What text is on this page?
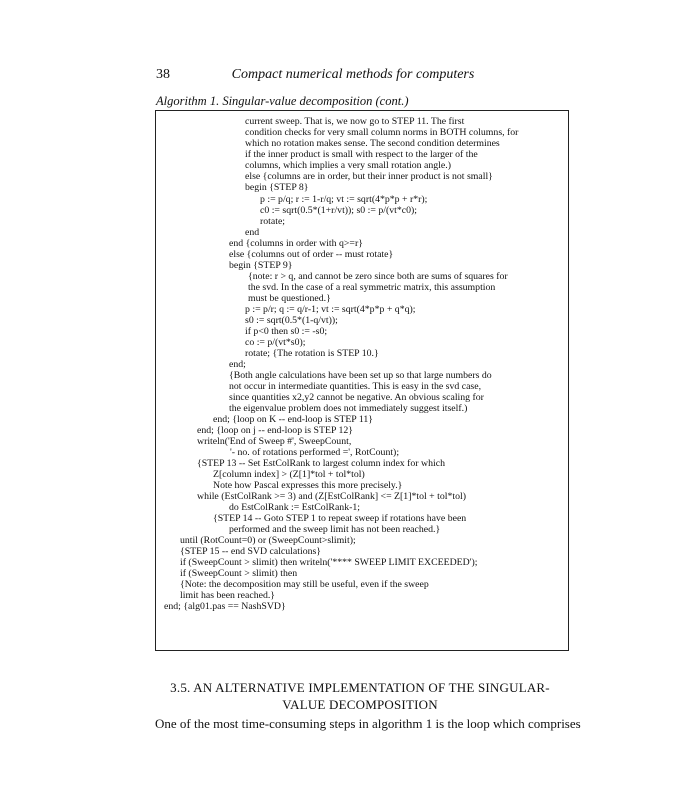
38	Compact numerical methods for computers
Algorithm 1. Singular-value decomposition (cont.)
current sweep. That is, we now go to STEP 11. The first
condition checks for very small column norms in BOTH columns, for
which no rotation makes sense. The second condition determines
if the inner product is small with respect to the larger of the
columns, which implies a very small rotation angle.)
else {columns are in order, but their inner product is not small}
begin {STEP 8}
p := p/q; r := 1-r/q; vt := sqrt(4*p*p + r*r);
c0 := sqrt(0.5*(1+r/vt)); s0 := p/(vt*c0);
rotate;
end
end {columns in order with q>=r}
else {columns out of order -- must rotate}
begin {STEP 9}
{note: r > q, and cannot be zero since both are sums of squares for
the svd. In the case of a real symmetric matrix, this assumption
must be questioned.}
p := p/r; q := q/r-1; vt := sqrt(4*p*p + q*q);
s0 := sqrt(0.5*(1-q/vt));
if p<0 then s0 := -s0;
co := p/(vt*s0);
rotate; {The rotation is STEP 10.}
end;
{Both angle calculations have been set up so that large numbers do
not occur in intermediate quantities. This is easy in the svd case,
since quantities x2,y2 cannot be negative. An obvious scaling for
the eigenvalue problem does not immediately suggest itself.)
end; {loop on K -- end-loop is STEP 11}
end; {loop on j -- end-loop is STEP 12}
writeln('End of Sweep #', SweepCount,
'- no. of rotations performed =', RotCount);
{STEP 13 -- Set EstColRank to largest column index for which
Z[column index] > (Z[1]*tol + tol*tol)
Note how Pascal expresses this more precisely.}
while (EstColRank >= 3) and (Z[EstColRank] <= Z[1]*tol + tol*tol)
do EstColRank := EstColRank-1;
{STEP 14 -- Goto STEP 1 to repeat sweep if rotations have been
performed and the sweep limit has not been reached.}
until (RotCount=0) or (SweepCount>slimit);
{STEP 15 -- end SVD calculations}
if (SweepCount > slimit) then writeln('**** SWEEP LIMIT EXCEEDED');
if (SweepCount > slimit) then
{Note: the decomposition may still be useful, even if the sweep
limit has been reached.}
end; {alg01.pas == NashSVD}
3.5. AN ALTERNATIVE IMPLEMENTATION OF THE SINGULAR-
VALUE DECOMPOSITION
One of the most time-consuming steps in algorithm 1 is the loop which comprises
